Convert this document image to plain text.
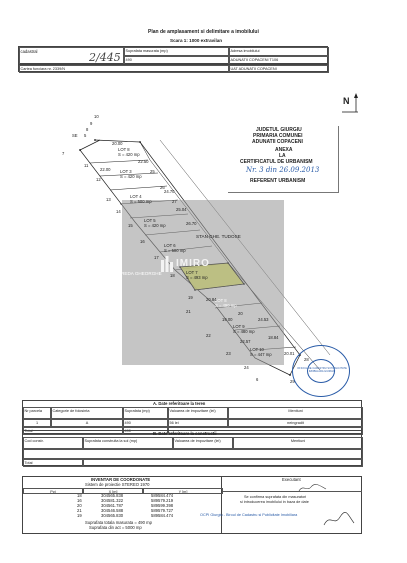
Plan de amplasament si delimitare a imobilului
Scara 1: 1000 extravilan
cadastral	2/445
Suprafata masurata (mp)
490
Adresa imobilului
ADUNATII COPACENI T106
Cartea funciara nr. 2339/N	UAT ADUNATII COPACENI
N
JUDETUL GIURGIU
PRIMARIA COMUNEI
ADUNATII COPACENI
ANEXA
LA
CERTIFICATUL DE URBANISM
Nr. 3 din 26.09.2013
REFERENT URBANISM
IMIRO
LOT 8
S = 420 mp
LOT 3
S = 420 mp
LOT 4
S = 500 mp
LOT 5
S = 420 mp
LOT 6
S = 500 mp
LOT 7
S = 493 mp
LOT 8
S = 490 mp
LOT 9
S = 480 mp
LOT 10
S = 447 mp
STAN GHE. TUDOSE
PREDA GHEORGHE
10
9
8
7
6
5
11
12
13
14
15
16
17
18
19
20
21
22
23
24
25
26
27
28
29
SE
20.00
22.00
22.50
24.70
25.04
26.70
20.84
19.00
22.57
24.53
18.84
20.01
OFICIUL DE CADASTRU SI PUBLICITATE IMOBILIARA GIURGIU
A. Date referitoare la teren
Nr parcela	Categorie de folosinta	Suprafata (mp)	Valoarea de impozitare (lei)	Mentiuni
1	A	490	56 lei	neingradit
Total	490
B. Date referitoare la constructii
Cod constr.	Suprafata construita la sol (mp)	Valoarea de impozitare (lei)	Mentiuni
Total
INVENTAR DE COORDONATE
Sistem de proiectie STEREO 1970
Pct	X [m]	Y [m]
18	304565.838	589584.474
16	304581.322	589579.219
20	304561.787	589599.398
21	304546.588	589579.727
19	304565.830	589584.474
Suprafata totala masurata = 490 mp
Suprafata din act = 5000 mp
Executant
Se confirma suprafata din masuratori
si introducerea imobilului in baza de date
OCPI Giurgiu - Biroul de Cadastru si Publicitate Imobiliara
